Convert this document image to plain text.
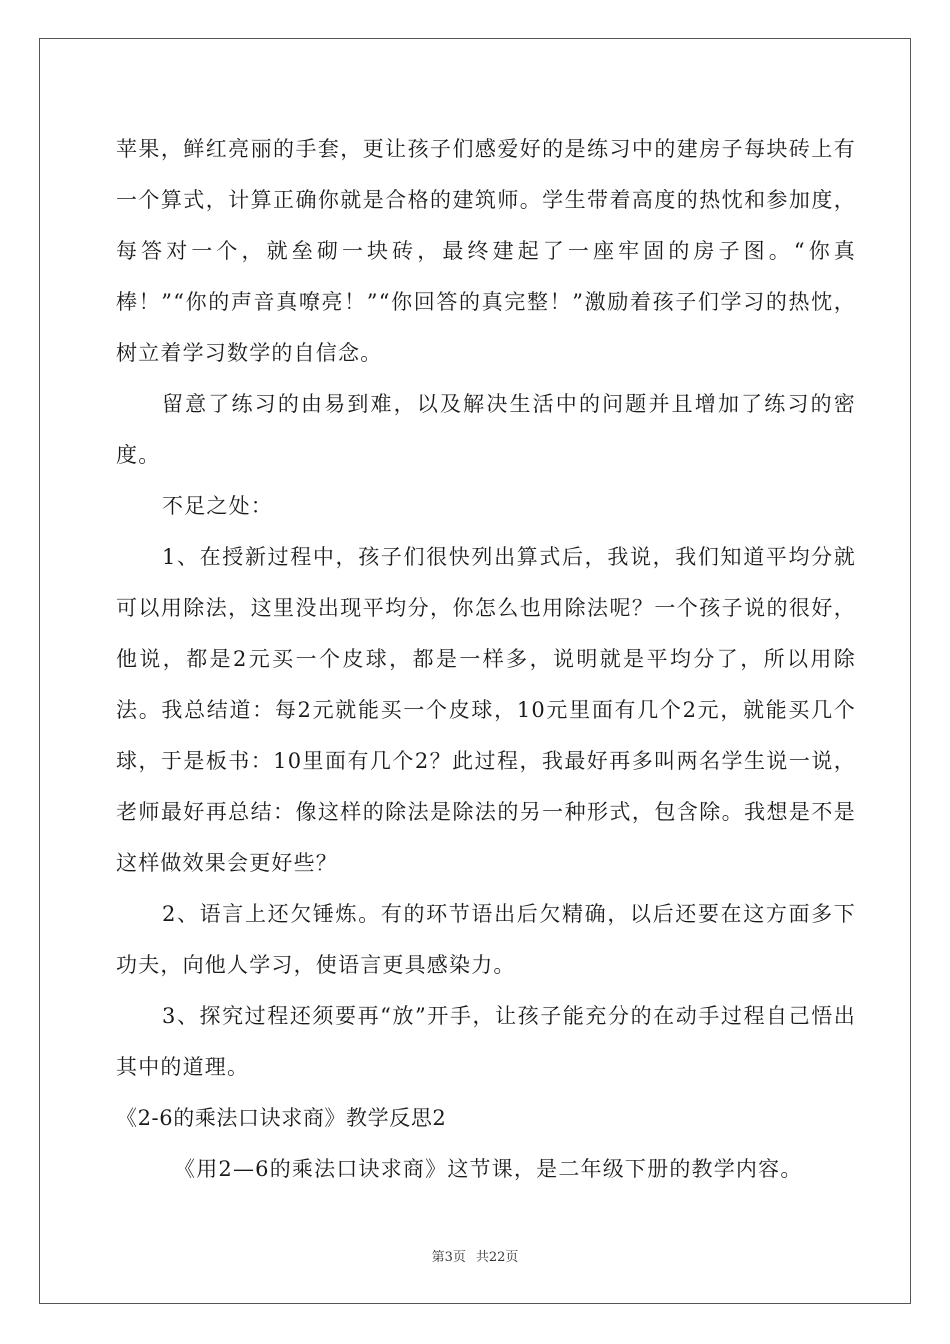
苹果，鲜红亮丽的手套，更让孩子们感爱好的是练习中的建房子每块砖上有一个算式，计算正确你就是合格的建筑师。学生带着高度的热忱和参加度，每答对一个，就垒砌一块砖，最终建起了一座牢固的房子图。“你真棒！”“你的声音真嘹亮！”“你回答的真完整！”激励着孩子们学习的热忱，树立着学习数学的自信念。

留意了练习的由易到难，以及解决生活中的问题并且增加了练习的密度。

不足之处：

1、在授新过程中，孩子们很快列出算式后，我说，我们知道平均分就可以用除法，这里没出现平均分，你怎么也用除法呢？一个孩子说的很好，他说，都是2元买一个皮球，都是一样多，说明就是平均分了，所以用除法。我总结道：每2元就能买一个皮球，10元里面有几个2元，就能买几个球，于是板书：10里面有几个2？此过程，我最好再多叫两名学生说一说，老师最好再总结：像这样的除法是除法的另一种形式，包含除。我想是不是这样做效果会更好些？

2、语言上还欠锤炼。有的环节语出后欠精确，以后还要在这方面多下功夫，向他人学习，使语言更具感染力。

3、探究过程还须要再“放”开手，让孩子能充分的在动手过程自己悟出其中的道理。

《2-6的乘法口诀求商》教学反思2

《用2—6的乘法口诀求商》这节课，是二年级下册的教学内容。

第3页 共22页
